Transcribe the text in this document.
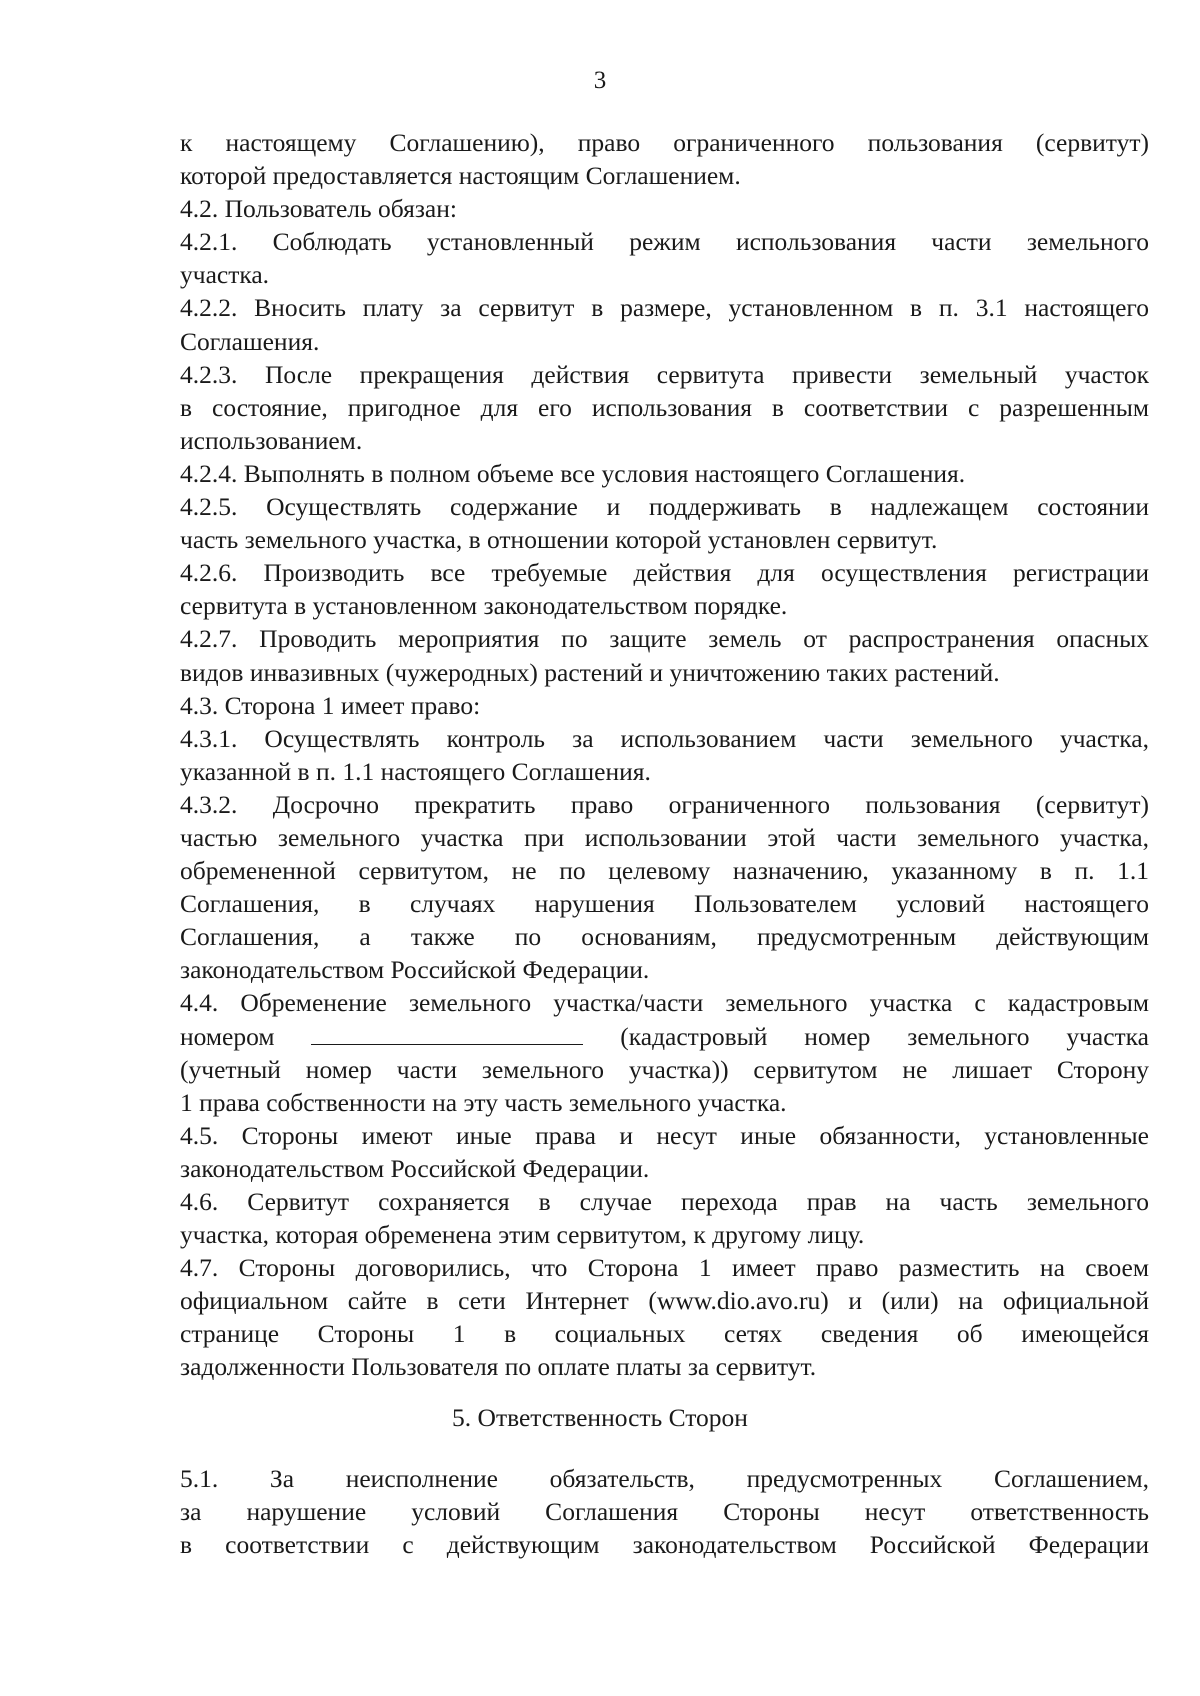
3

к настоящему Соглашению), право ограниченного пользования (сервитут)

которой предоставляется настоящим Соглашением.

4.2. Пользователь обязан:

4.2.1. Соблюдать установленный режим использования части земельного

участка.

4.2.2. Вносить плату за сервитут в размере, установленном в п. 3.1 настоящего

Соглашения.

4.2.3. После прекращения действия сервитута привести земельный участок

в состояние, пригодное для его использования в соответствии с разрешенным

использованием.

4.2.4. Выполнять в полном объеме все условия настоящего Соглашения.

4.2.5. Осуществлять содержание и поддерживать в надлежащем состоянии

часть земельного участка, в отношении которой установлен сервитут.

4.2.6. Производить все требуемые действия для осуществления регистрации

сервитута в установленном законодательством порядке.

4.2.7. Проводить мероприятия по защите земель от распространения опасных

видов инвазивных (чужеродных) растений и уничтожению таких растений.

4.3. Сторона 1 имеет право:

4.3.1. Осуществлять контроль за использованием части земельного участка,

указанной в п. 1.1 настоящего Соглашения.

4.3.2. Досрочно прекратить право ограниченного пользования (сервитут)

частью земельного участка при использовании этой части земельного участка,

обремененной сервитутом, не по целевому назначению, указанному в п. 1.1

Соглашения, в случаях нарушения Пользователем условий настоящего

Соглашения, а также по основаниям, предусмотренным действующим

законодательством Российской Федерации.

4.4. Обременение земельного участка/части земельного участка с кадастровым

номером	(кадастровый номер земельного участка

(учетный номер части земельного участка)) сервитутом не лишает Сторону

1 права собственности на эту часть земельного участка.

4.5. Стороны имеют иные права и несут иные обязанности, установленные

законодательством Российской Федерации.

4.6. Сервитут сохраняется в случае перехода прав на часть земельного

участка, которая обременена этим сервитутом, к другому лицу.

4.7. Стороны договорились, что Сторона 1 имеет право разместить на своем

официальном сайте в сети Интернет (www.dio.avo.ru) и (или) на официальной

странице Стороны 1 в социальных сетях сведения об имеющейся

задолженности Пользователя по оплате платы за сервитут.

5. Ответственность Сторон

5.1. За неисполнение обязательств, предусмотренных Соглашением,

за нарушение условий Соглашения Стороны несут ответственность

в соответствии с действующим законодательством Российской Федерации
